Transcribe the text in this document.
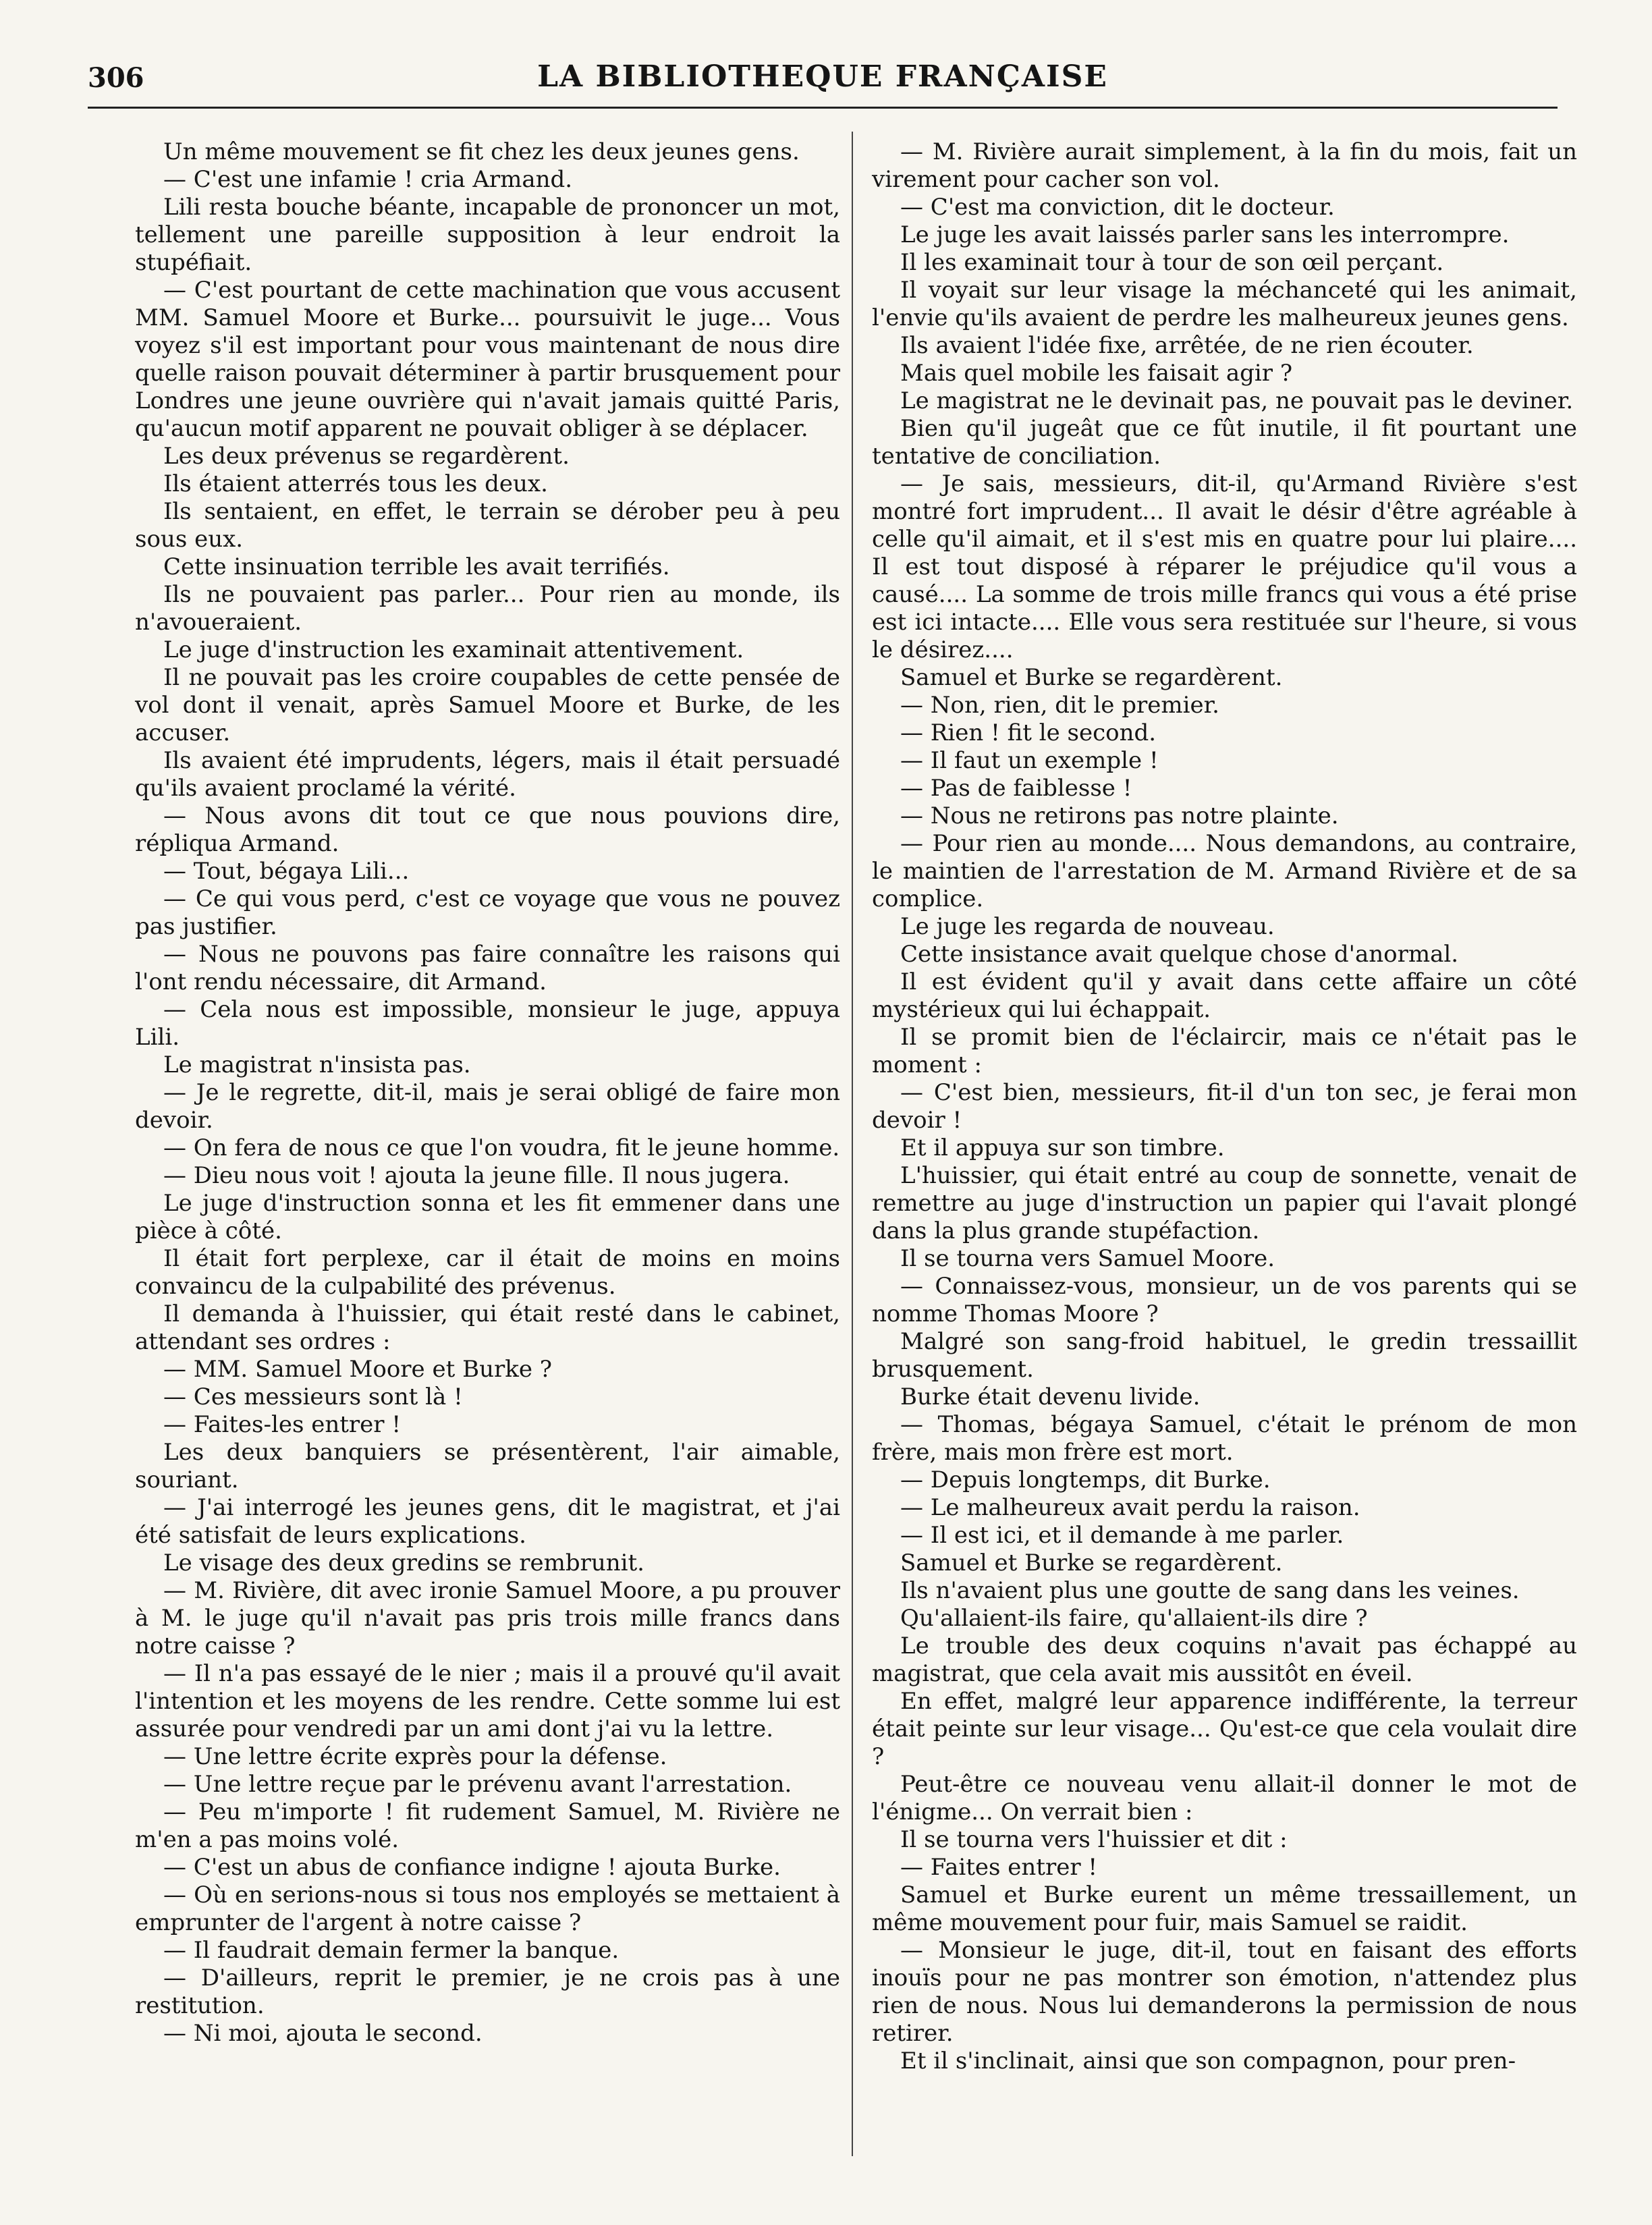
306	LA BIBLIOTHEQUE FRANÇAISE

Un même mouvement se fit chez les deux jeunes gens.

— C'est une infamie ! cria Armand.

Lili resta bouche béante, incapable de prononcer un mot, tellement une pareille supposition à leur endroit la stupéfiait.

— C'est pourtant de cette machination que vous accusent MM. Samuel Moore et Burke... poursuivit le juge... Vous voyez s'il est important pour vous maintenant de nous dire quelle raison pouvait déterminer à partir brusquement pour Londres une jeune ouvrière qui n'avait jamais quitté Paris, qu'aucun motif apparent ne pouvait obliger à se déplacer.

Les deux prévenus se regardèrent.

Ils étaient atterrés tous les deux.

Ils sentaient, en effet, le terrain se dérober peu à peu sous eux.

Cette insinuation terrible les avait terrifiés.

Ils ne pouvaient pas parler... Pour rien au monde, ils n'avoueraient.

Le juge d'instruction les examinait attentivement.

Il ne pouvait pas les croire coupables de cette pensée de vol dont il venait, après Samuel Moore et Burke, de les accuser.

Ils avaient été imprudents, légers, mais il était persuadé qu'ils avaient proclamé la vérité.

— Nous avons dit tout ce que nous pouvions dire, répliqua Armand.

— Tout, bégaya Lili...

— Ce qui vous perd, c'est ce voyage que vous ne pouvez pas justifier.

— Nous ne pouvons pas faire connaître les raisons qui l'ont rendu nécessaire, dit Armand.

— Cela nous est impossible, monsieur le juge, appuya Lili.

Le magistrat n'insista pas.

— Je le regrette, dit-il, mais je serai obligé de faire mon devoir.

— On fera de nous ce que l'on voudra, fit le jeune homme.

— Dieu nous voit ! ajouta la jeune fille. Il nous jugera.

Le juge d'instruction sonna et les fit emmener dans une pièce à côté.

Il était fort perplexe, car il était de moins en moins convaincu de la culpabilité des prévenus.

Il demanda à l'huissier, qui était resté dans le cabinet, attendant ses ordres :

— MM. Samuel Moore et Burke ?

— Ces messieurs sont là !

— Faites-les entrer !

Les deux banquiers se présentèrent, l'air aimable, souriant.

— J'ai interrogé les jeunes gens, dit le magistrat, et j'ai été satisfait de leurs explications.

Le visage des deux gredins se rembrunit.

— M. Rivière, dit avec ironie Samuel Moore, a pu prouver à M. le juge qu'il n'avait pas pris trois mille francs dans notre caisse ?

— Il n'a pas essayé de le nier ; mais il a prouvé qu'il avait l'intention et les moyens de les rendre. Cette somme lui est assurée pour vendredi par un ami dont j'ai vu la lettre.

— Une lettre écrite exprès pour la défense.

— Une lettre reçue par le prévenu avant l'arrestation.

— Peu m'importe ! fit rudement Samuel, M. Rivière ne m'en a pas moins volé.

— C'est un abus de confiance indigne ! ajouta Burke.

— Où en serions-nous si tous nos employés se mettaient à emprunter de l'argent à notre caisse ?

— Il faudrait demain fermer la banque.

— D'ailleurs, reprit le premier, je ne crois pas à une restitution.

— Ni moi, ajouta le second.

— M. Rivière aurait simplement, à la fin du mois, fait un virement pour cacher son vol.

— C'est ma conviction, dit le docteur.

Le juge les avait laissés parler sans les interrompre.

Il les examinait tour à tour de son œil perçant.

Il voyait sur leur visage la méchanceté qui les animait, l'envie qu'ils avaient de perdre les malheureux jeunes gens.

Ils avaient l'idée fixe, arrêtée, de ne rien écouter.

Mais quel mobile les faisait agir ?

Le magistrat ne le devinait pas, ne pouvait pas le deviner.

Bien qu'il jugeât que ce fût inutile, il fit pourtant une tentative de conciliation.

— Je sais, messieurs, dit-il, qu'Armand Rivière s'est montré fort imprudent... Il avait le désir d'être agréable à celle qu'il aimait, et il s'est mis en quatre pour lui plaire.... Il est tout disposé à réparer le préjudice qu'il vous a causé.... La somme de trois mille francs qui vous a été prise est ici intacte.... Elle vous sera restituée sur l'heure, si vous le désirez....

Samuel et Burke se regardèrent.

— Non, rien, dit le premier.

— Rien ! fit le second.

— Il faut un exemple !

— Pas de faiblesse !

— Nous ne retirons pas notre plainte.

— Pour rien au monde.... Nous demandons, au contraire, le maintien de l'arrestation de M. Armand Rivière et de sa complice.

Le juge les regarda de nouveau.

Cette insistance avait quelque chose d'anormal.

Il est évident qu'il y avait dans cette affaire un côté mystérieux qui lui échappait.

Il se promit bien de l'éclaircir, mais ce n'était pas le moment :

— C'est bien, messieurs, fit-il d'un ton sec, je ferai mon devoir !

Et il appuya sur son timbre.

L'huissier, qui était entré au coup de sonnette, venait de remettre au juge d'instruction un papier qui l'avait plongé dans la plus grande stupéfaction.

Il se tourna vers Samuel Moore.

— Connaissez-vous, monsieur, un de vos parents qui se nomme Thomas Moore ?

Malgré son sang-froid habituel, le gredin tressaillit brusquement.

Burke était devenu livide.

— Thomas, bégaya Samuel, c'était le prénom de mon frère, mais mon frère est mort.

— Depuis longtemps, dit Burke.

— Le malheureux avait perdu la raison.

— Il est ici, et il demande à me parler.

Samuel et Burke se regardèrent.

Ils n'avaient plus une goutte de sang dans les veines.

Qu'allaient-ils faire, qu'allaient-ils dire ?

Le trouble des deux coquins n'avait pas échappé au magistrat, que cela avait mis aussitôt en éveil.

En effet, malgré leur apparence indifférente, la terreur était peinte sur leur visage... Qu'est-ce que cela voulait dire ?

Peut-être ce nouveau venu allait-il donner le mot de l'énigme... On verrait bien :

Il se tourna vers l'huissier et dit :

— Faites entrer !

Samuel et Burke eurent un même tressaillement, un même mouvement pour fuir, mais Samuel se raidit.

— Monsieur le juge, dit-il, tout en faisant des efforts inouïs pour ne pas montrer son émotion, n'attendez plus rien de nous. Nous lui demanderons la permission de nous retirer.

Et il s'inclinait, ainsi que son compagnon, pour pren-
